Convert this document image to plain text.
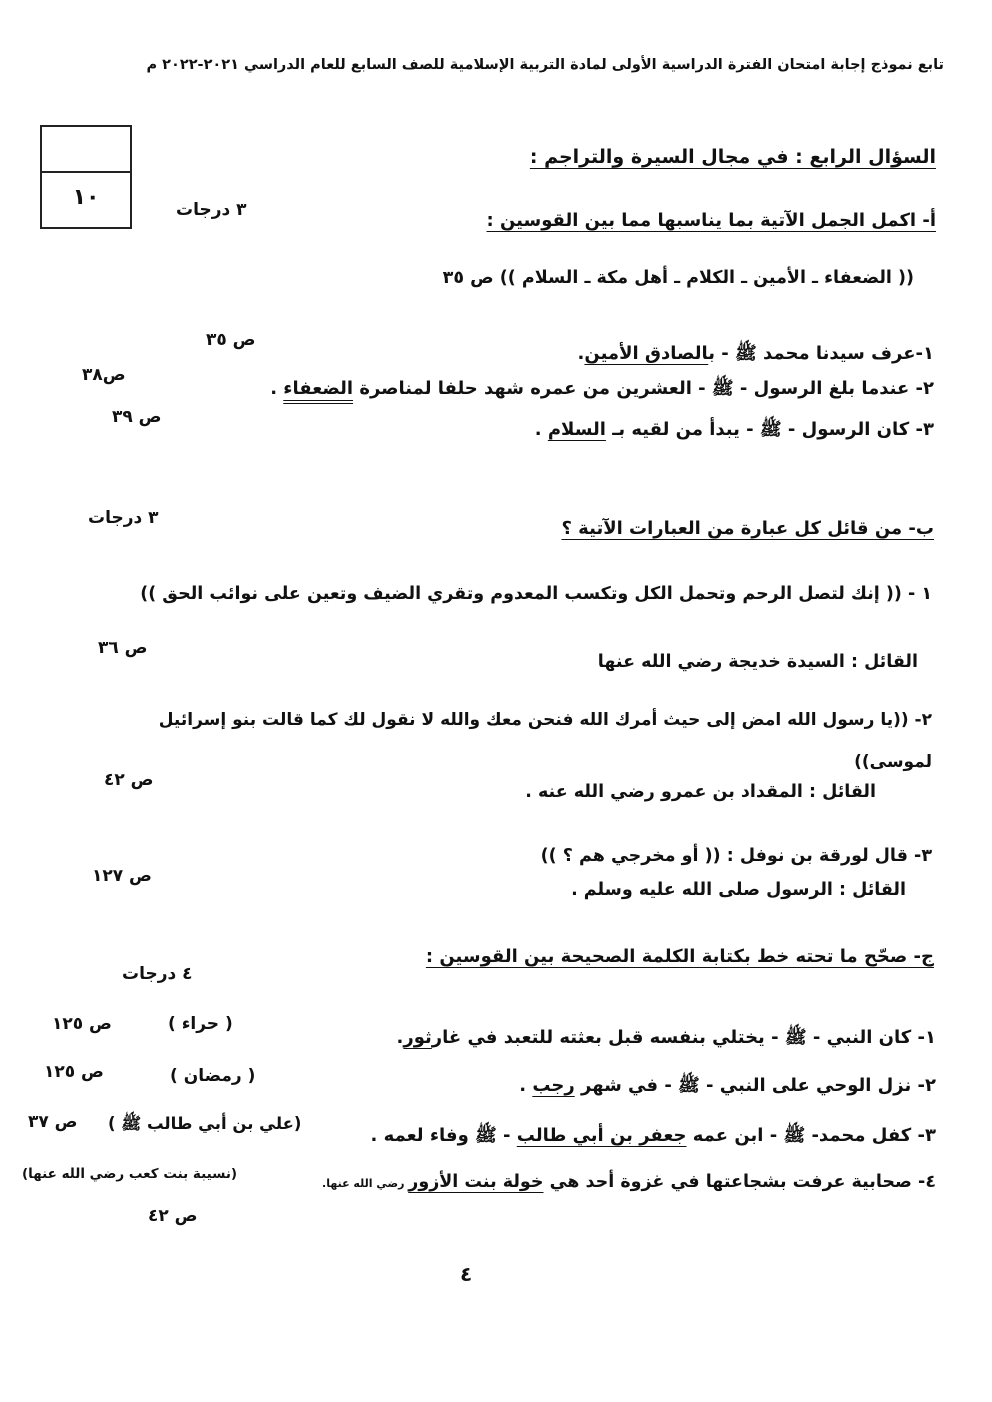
تابع نموذج إجابة امتحان الفترة الدراسية الأولى لمادة التربية الإسلامية للصف السابع للعام الدراسي ٢٠٢١-٢٠٢٢ م
١٠
السؤال الرابع : في مجال السيرة والتراجم :
أ- اكمل الجمل الآتية بما يناسبها مما بين القوسين :
٣ درجات
(( الضعفاء ـ الأمين ـ الكلام ـ أهل مكة ـ السلام )) ص ٣٥
ص ٣٥
١-عرف سيدنا محمد ﷺ - بالصادق الأمين.
٢- عندما بلغ الرسول - ﷺ - العشرين من عمره شهد حلفا لمناصرة الضعفاء .
ص٣٨
٣- كان الرسول - ﷺ - يبدأ من لقيه بـ السلام .
ص ٣٩
ب- من قائل كل عبارة من العبارات الآتية ؟
٣ درجات
١ - (( إنك لتصل الرحم وتحمل الكل وتكسب المعدوم وتقري الضيف وتعين على نوائب الحق ))
ص ٣٦
القائل : السيدة خديجة رضي الله عنها
٢- ((يا رسول الله امض إلى حيث أمرك الله فنحن معك والله لا نقول لك كما قالت بنو إسرائيل
لموسى))
ص ٤٢
القائل : المقداد بن عمرو رضي الله عنه .
٣- قال لورقة بن نوفل : (( أو مخرجي هم ؟ ))
ص ١٢٧
القائل : الرسول صلى الله عليه وسلم .
ج- صحّح ما تحته خط بكتابة الكلمة الصحيحة بين القوسين :
٤ درجات
١- كان النبي - ﷺ - يختلي بنفسه قبل بعثته للتعبد في غارثور.
( حراء )
ص ١٢٥
٢- نزل الوحي على النبي - ﷺ - في شهر رجب .
( رمضان )
ص ١٢٥
٣- كفل محمد- ﷺ - ابن عمه جعفر بن أبي طالب - ﷺ وفاء لعمه .
(علي بن أبي طالب ﷺ )
ص ٣٧
٤- صحابية عرفت بشجاعتها في غزوة أحد هي خولة بنت الأزور رضي الله عنها.
(نسيبة بنت كعب رضي الله عنها)
ص ٤٢
٤
